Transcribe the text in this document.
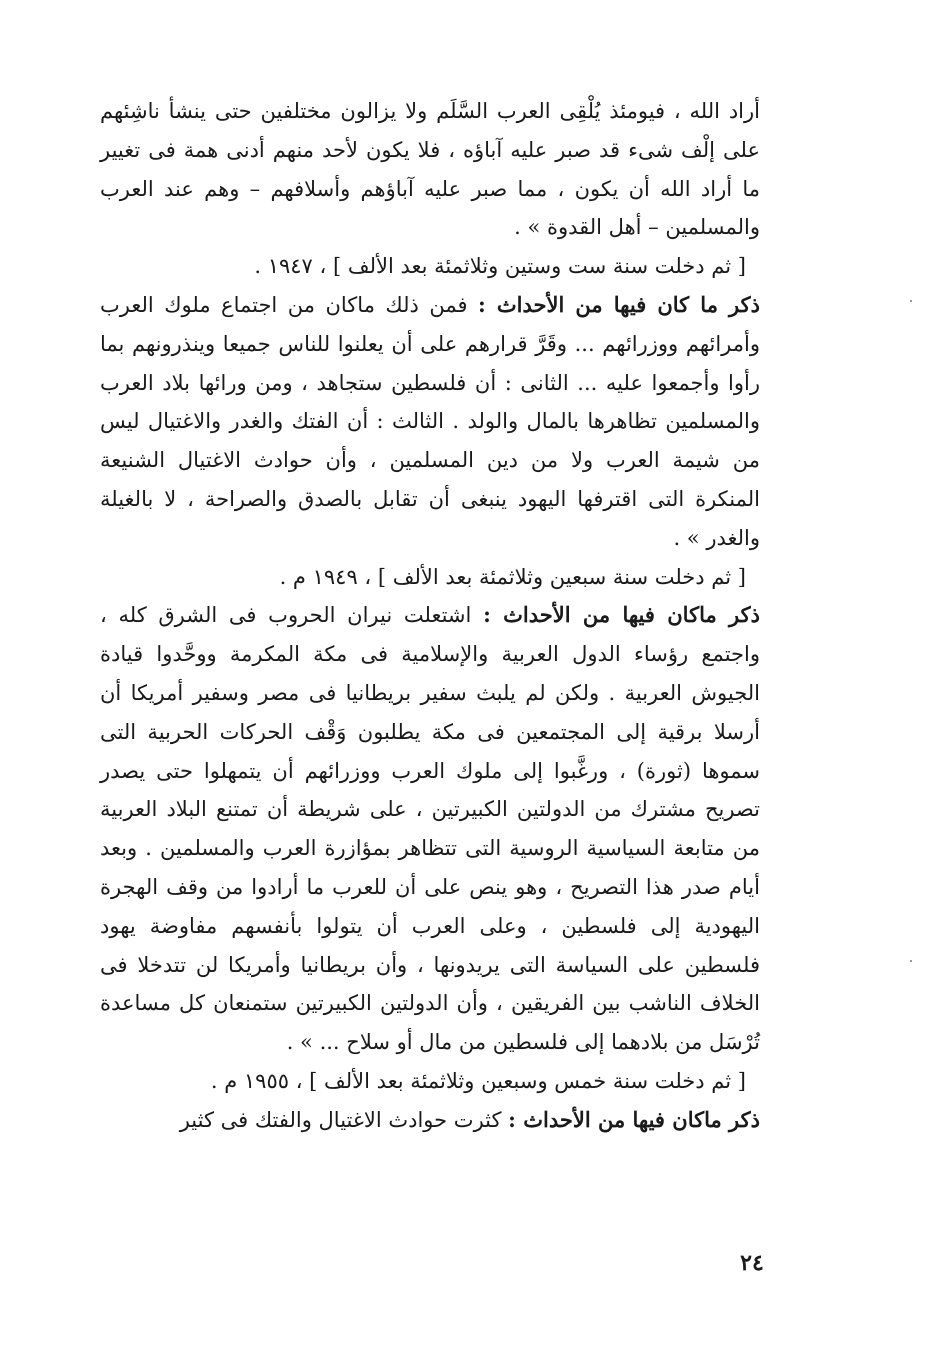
أراد الله ، فيومئذ يُلْقِى العرب السَّلَم ولا يزالون مختلفين حتى ينشأ ناشِئهم على إلْف شىء قد صبر عليه آباؤه ، فلا يكون لأحد منهم أدنى همة فى تغيير ما أراد الله أن يكون ، مما صبر عليه آباؤهم وأسلافهم – وهم عند العرب والمسلمين – أهل القدوة » .

[ ثم دخلت سنة ست وستين وثلاثمئة بعد الألف ] ، ١٩٤٧ .

ذكر ما كان فيها من الأحداث : فمن ذلك ماكان من اجتماع ملوك العرب وأمرائهم ووزرائهم ... وقَرَّ قرارهم على أن يعلنوا للناس جميعا وينذرونهم بما رأوا وأجمعوا عليه ... الثانى : أن فلسطين ستجاهد ، ومن ورائها بلاد العرب والمسلمين تظاهرها بالمال والولد . الثالث : أن الفتك والغدر والاغتيال ليس من شيمة العرب ولا من دين المسلمين ، وأن حوادث الاغتيال الشنيعة المنكرة التى اقترفها اليهود ينبغى أن تقابل بالصدق والصراحة ، لا بالغيلة والغدر » .

[ ثم دخلت سنة سبعين وثلاثمئة بعد الألف ] ، ١٩٤٩ م .

ذكر ماكان فيها من الأحداث : اشتعلت نيران الحروب فى الشرق كله ، واجتمع رؤساء الدول العربية والإسلامية فى مكة المكرمة ووحَّدوا قيادة الجيوش العربية . ولكن لم يلبث سفير بريطانيا فى مصر وسفير أمريكا أن أرسلا برقية إلى المجتمعين فى مكة يطلبون وَقْف الحركات الحربية التى سموها (ثورة) ، ورغَّبوا إلى ملوك العرب ووزرائهم أن يتمهلوا حتى يصدر تصريح مشترك من الدولتين الكبيرتين ، على شريطة أن تمتنع البلاد العربية من متابعة السياسية الروسية التى تتظاهر بمؤازرة العرب والمسلمين . وبعد أيام صدر هذا التصريح ، وهو ينص على أن للعرب ما أرادوا من وقف الهجرة اليهودية إلى فلسطين ، وعلى العرب أن يتولوا بأنفسهم مفاوضة يهود فلسطين على السياسة التى يريدونها ، وأن بريطانيا وأمريكا لن تتدخلا فى الخلاف الناشب بين الفريقين ، وأن الدولتين الكبيرتين ستمنعان كل مساعدة تُرْسَل من بلادهما إلى فلسطين من مال أو سلاح ... » .

[ ثم دخلت سنة خمس وسبعين وثلاثمئة بعد الألف ] ، ١٩٥٥ م .

ذكر ماكان فيها من الأحداث : كثرت حوادث الاغتيال والفتك فى كثير

٢٤
